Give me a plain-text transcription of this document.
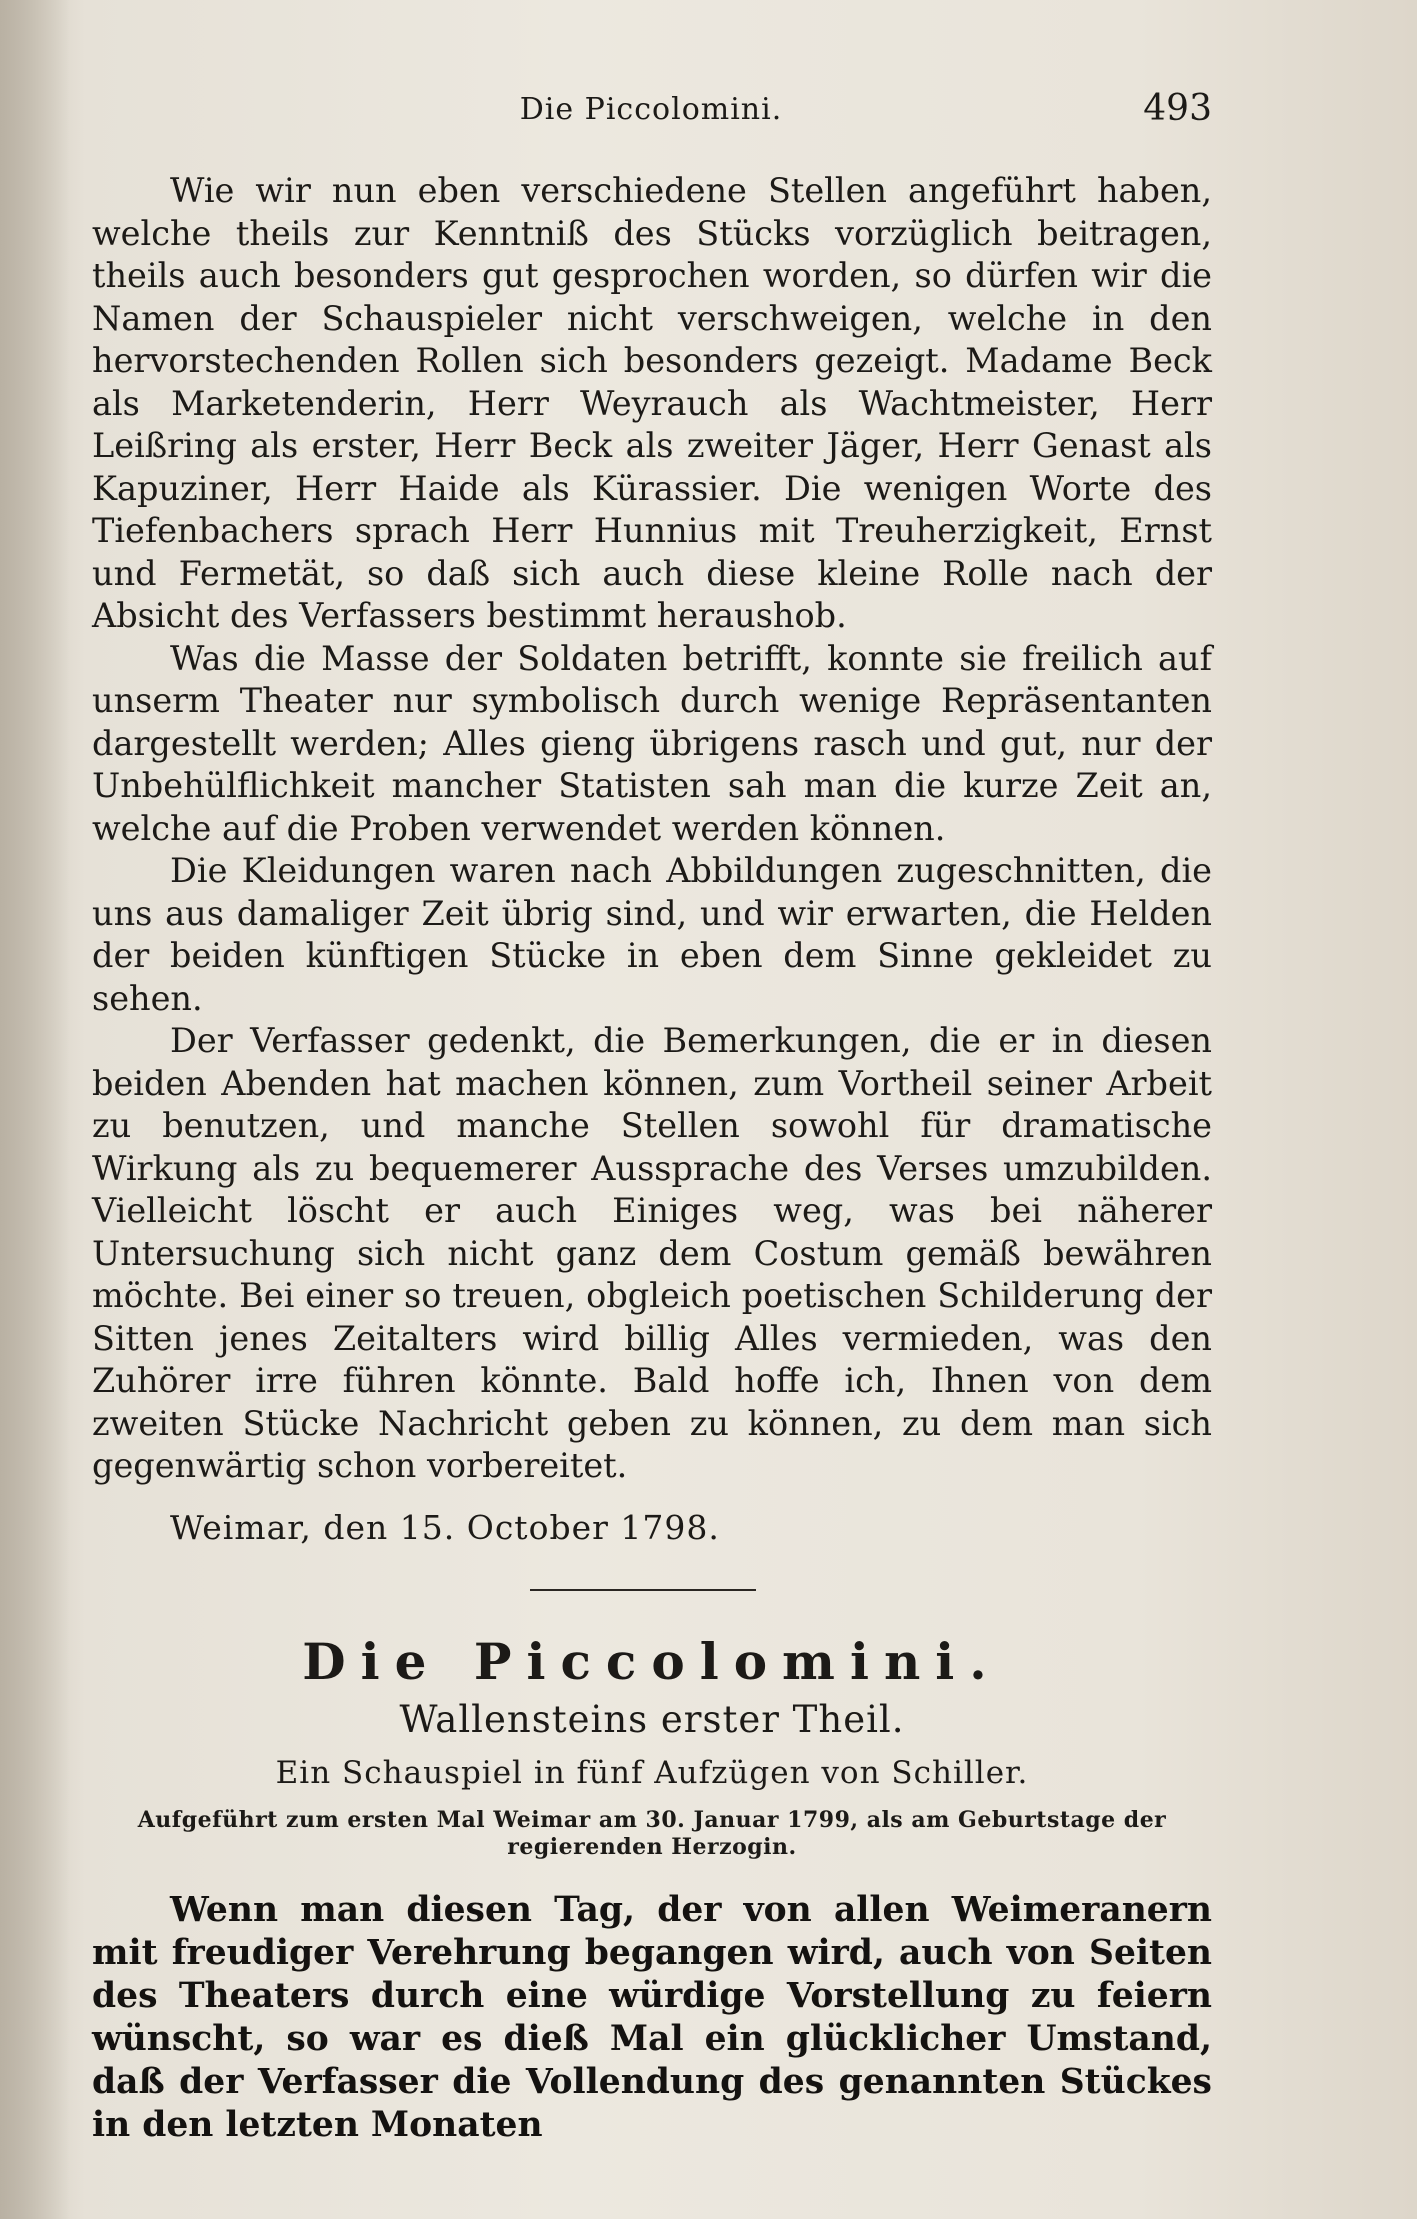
Die Piccolomini.	493

Wie wir nun eben verschiedene Stellen angeführt haben, welche theils zur Kenntniß des Stücks vorzüglich beitragen, theils auch besonders gut gesprochen worden, so dürfen wir die Namen der Schauspieler nicht verschweigen, welche in den hervorstechenden Rollen sich besonders gezeigt. Madame Beck als Marketenderin, Herr Weyrauch als Wachtmeister, Herr Leißring als erster, Herr Beck als zweiter Jäger, Herr Genast als Kapuziner, Herr Haide als Kürassier. Die wenigen Worte des Tiefenbachers sprach Herr Hunnius mit Treuherzigkeit, Ernst und Fermetät, so daß sich auch diese kleine Rolle nach der Absicht des Verfassers bestimmt heraushob.

Was die Masse der Soldaten betrifft, konnte sie freilich auf unserm Theater nur symbolisch durch wenige Repräsentanten dargestellt werden; Alles gieng übrigens rasch und gut, nur der Unbehülflichkeit mancher Statisten sah man die kurze Zeit an, welche auf die Proben verwendet werden können.

Die Kleidungen waren nach Abbildungen zugeschnitten, die uns aus damaliger Zeit übrig sind, und wir erwarten, die Helden der beiden künftigen Stücke in eben dem Sinne gekleidet zu sehen.

Der Verfasser gedenkt, die Bemerkungen, die er in diesen beiden Abenden hat machen können, zum Vortheil seiner Arbeit zu benutzen, und manche Stellen sowohl für dramatische Wirkung als zu bequemerer Aussprache des Verses umzubilden. Vielleicht löscht er auch Einiges weg, was bei näherer Untersuchung sich nicht ganz dem Costum gemäß bewähren möchte. Bei einer so treuen, obgleich poetischen Schilderung der Sitten jenes Zeitalters wird billig Alles vermieden, was den Zuhörer irre führen könnte. Bald hoffe ich, Ihnen von dem zweiten Stücke Nachricht geben zu können, zu dem man sich gegenwärtig schon vorbereitet.

Weimar, den 15. October 1798.
Die Piccolomini.
Wallensteins erster Theil.
Ein Schauspiel in fünf Aufzügen von Schiller.
Aufgeführt zum ersten Mal Weimar am 30. Januar 1799, als am Geburtstage der regierenden Herzogin.

Wenn man diesen Tag, der von allen Weimeranern mit freudiger Verehrung begangen wird, auch von Seiten des Theaters durch eine würdige Vorstellung zu feiern wünscht, so war es dieß Mal ein glücklicher Umstand, daß der Verfasser die Vollendung des genannten Stückes in den letzten Monaten
